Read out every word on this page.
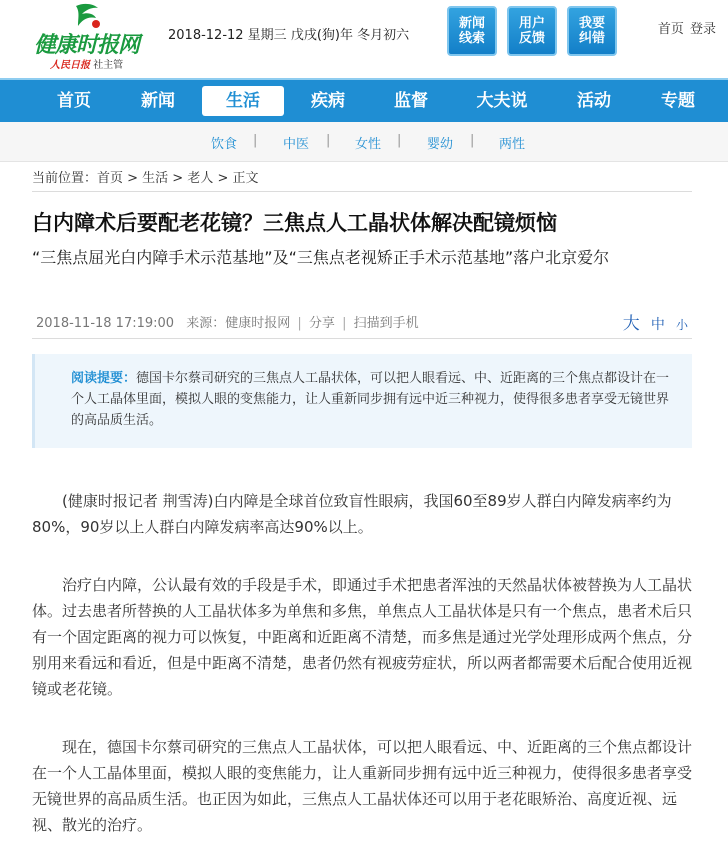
健康时报网
人民日报 社主管
2018-12-12 星期三 戊戌(狗)年 冬月初六
新闻
线索
用户
反馈
我要
纠错
首页 登录
首页	新闻	生活	疾病	监督	大夫说	活动	专题
饮食 | 中医 | 女性 | 婴幼 | 两性
当前位置：首页 > 生活 > 老人 > 正文
白内障术后要配老花镜？三焦点人工晶状体解决配镜烦恼
“三焦点屈光白内障手术示范基地”及“三焦点老视矫正手术示范基地”落户北京爱尔
2018-11-18 17:19:00 来源：健康时报网 | 分享 | 扫描到手机	大 中 小
阅读提要：德国卡尔蔡司研究的三焦点人工晶状体，可以把人眼看远、中、近距离的三个焦点都设计在一个人工晶体里面，模拟人眼的变焦能力，让人重新同步拥有远中近三种视力，使得很多患者享受无镜世界的高品质生活。

(健康时报记者 荆雪涛)白内障是全球首位致盲性眼病，我国60至89岁人群白内障发病率约为80%，90岁以上人群白内障发病率高达90%以上。

治疗白内障，公认最有效的手段是手术，即通过手术把患者浑浊的天然晶状体被替换为人工晶状体。过去患者所替换的人工晶状体多为单焦和多焦，单焦点人工晶状体是只有一个焦点，患者术后只有一个固定距离的视力可以恢复，中距离和近距离不清楚，而多焦是通过光学处理形成两个焦点，分别用来看远和看近，但是中距离不清楚，患者仍然有视疲劳症状，所以两者都需要术后配合使用近视镜或老花镜。

现在，德国卡尔蔡司研究的三焦点人工晶状体，可以把人眼看远、中、近距离的三个焦点都设计在一个人工晶体里面，模拟人眼的变焦能力，让人重新同步拥有远中近三种视力，使得很多患者享受无镜世界的高品质生活。也正因为如此，三焦点人工晶状体还可以用于老花眼矫治、高度近视、远视、散光的治疗。
